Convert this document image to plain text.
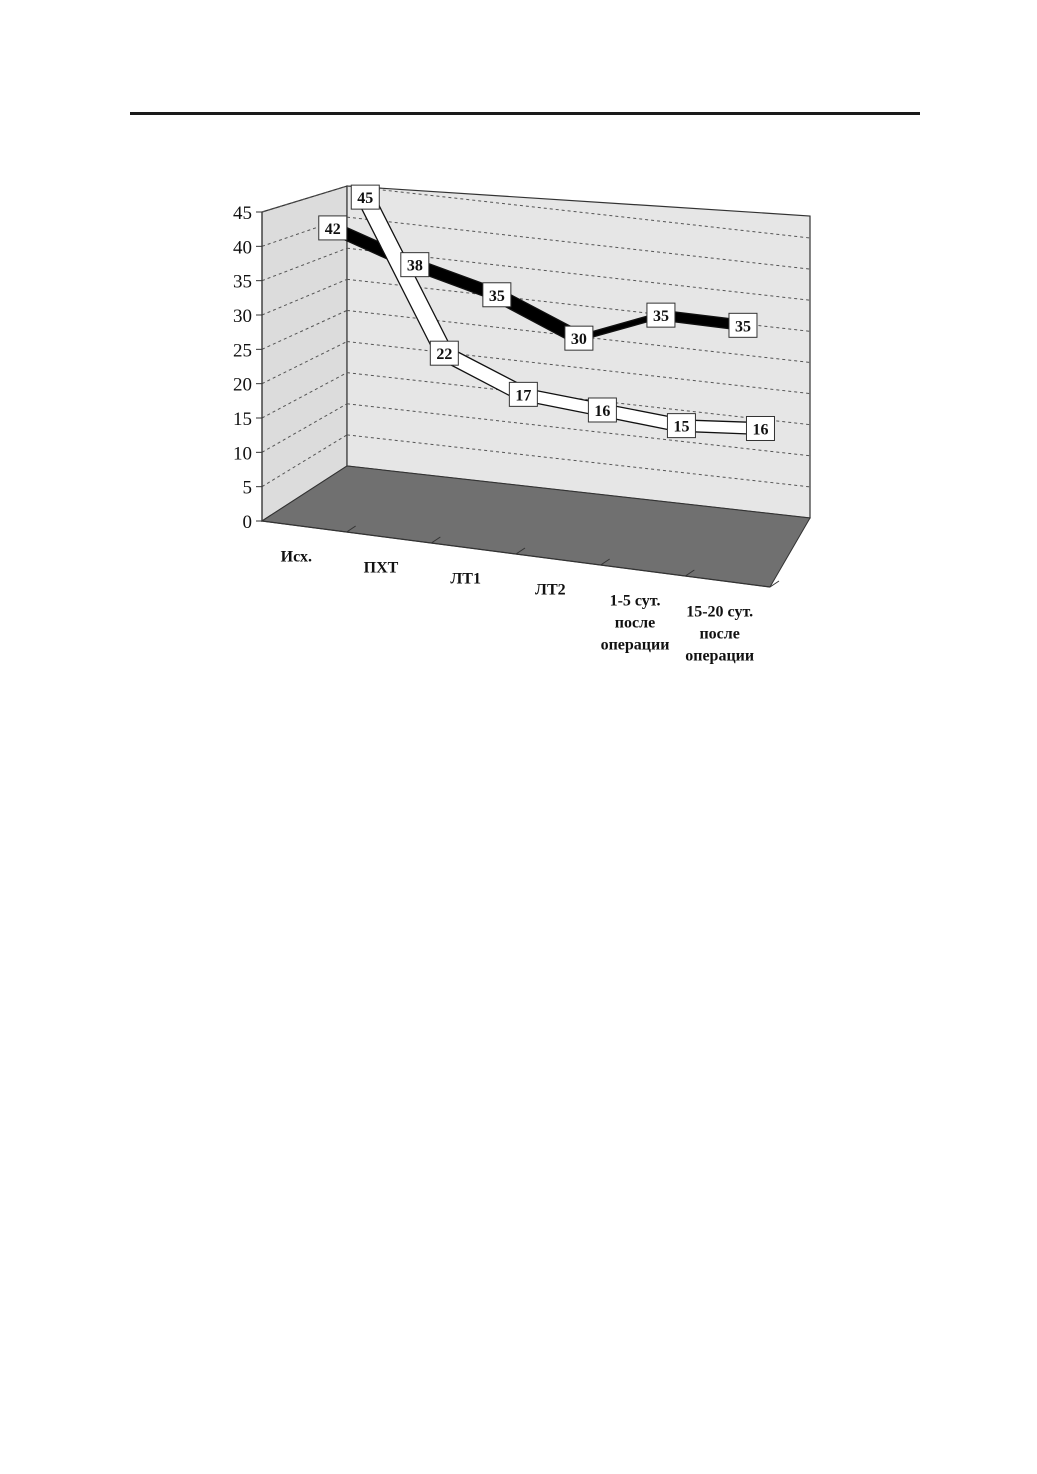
0
5
10
15
20
25
30
35
40
45
Исх.
ПХТ
ЛТ1
ЛТ2
1-5 сут.
после
операции
15-20 сут.
после
операции
42
38
35
30
35
35
45
22
17
16
15	16
